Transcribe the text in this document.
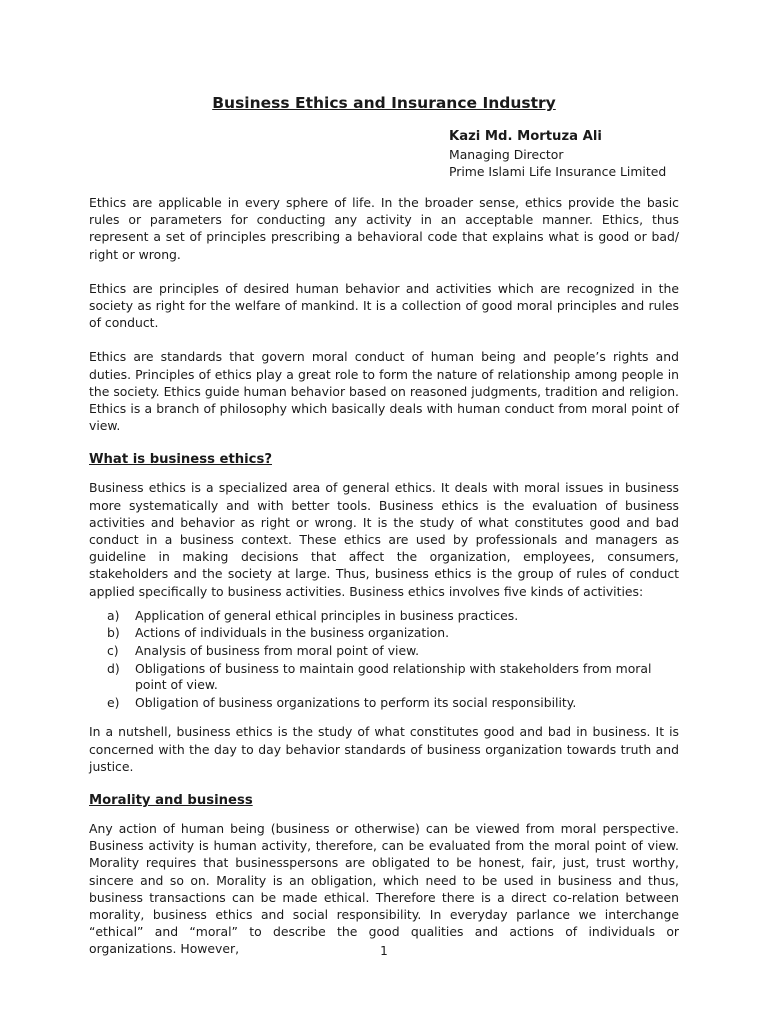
Business Ethics and Insurance Industry
Kazi Md. Mortuza Ali
Managing Director
Prime Islami Life Insurance Limited

Ethics are applicable in every sphere of life. In the broader sense, ethics provide the basic rules or parameters for conducting any activity in an acceptable manner. Ethics, thus represent a set of principles prescribing a behavioral code that explains what is good or bad/ right or wrong.

Ethics are principles of desired human behavior and activities which are recognized in the society as right for the welfare of mankind. It is a collection of good moral principles and rules of conduct.

Ethics are standards that govern moral conduct of human being and people’s rights and duties. Principles of ethics play a great role to form the nature of relationship among people in the society. Ethics guide human behavior based on reasoned judgments, tradition and religion. Ethics is a branch of philosophy which basically deals with human conduct from moral point of view.

What is business ethics?

Business ethics is a specialized area of general ethics. It deals with moral issues in business more systematically and with better tools. Business ethics is the evaluation of business activities and behavior as right or wrong. It is the study of what constitutes good and bad conduct in a business context. These ethics are used by professionals and managers as guideline in making decisions that affect the organization, employees, consumers, stakeholders and the society at large. Thus, business ethics is the group of rules of conduct applied specifically to business activities. Business ethics involves five kinds of activities:

a) Application of general ethical principles in business practices.
b) Actions of individuals in the business organization.
c) Analysis of business from moral point of view.
d) Obligations of business to maintain good relationship with stakeholders from moral point of view.
e) Obligation of business organizations to perform its social responsibility.

In a nutshell, business ethics is the study of what constitutes good and bad in business. It is concerned with the day to day behavior standards of business organization towards truth and justice.

Morality and business

Any action of human being (business or otherwise) can be viewed from moral perspective. Business activity is human activity, therefore, can be evaluated from the moral point of view. Morality requires that businesspersons are obligated to be honest, fair, just, trust worthy, sincere and so on. Morality is an obligation, which need to be used in business and thus, business transactions can be made ethical. Therefore there is a direct co-relation between morality, business ethics and social responsibility. In everyday parlance we interchange “ethical” and “moral” to describe the good qualities and actions of individuals or organizations. However,	1
